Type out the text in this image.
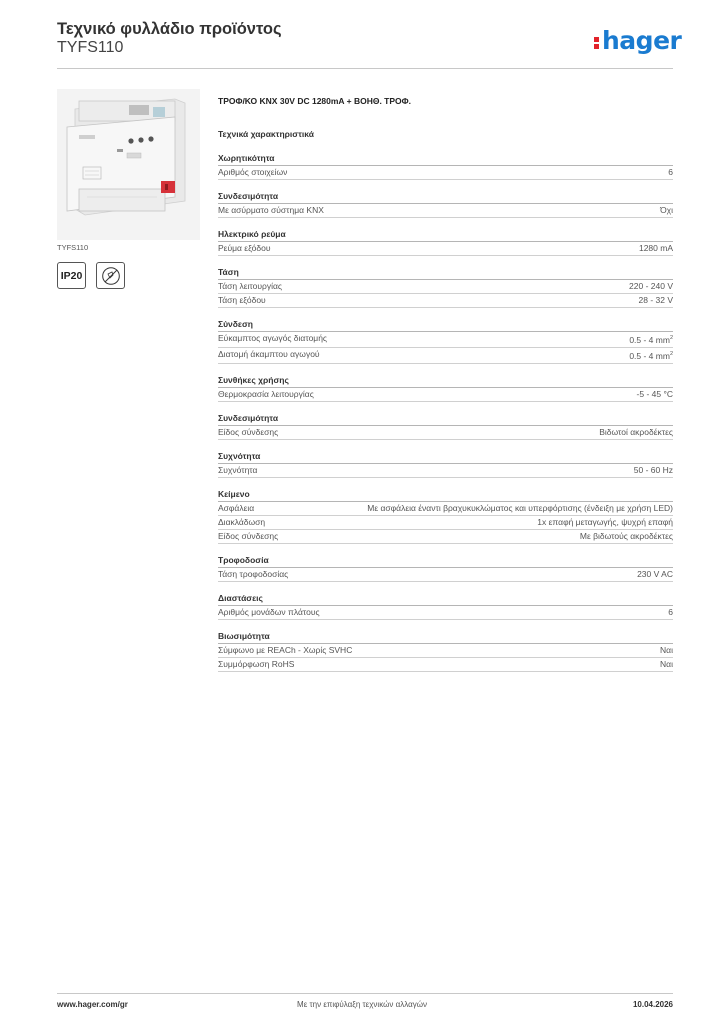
Τεχνικό φυλλάδιο προϊόντος
TYFS110	hager
TYFS110
IP20
ΤΡΟΦ/ΚΟ KNX 30V DC 1280mA + ΒΟΗΘ. ΤΡΟΦ.
Τεχνικά χαρακτηριστικά
Χωρητικότητα
Αριθμός στοιχείων	6
Συνδεσιμότητα
Με ασύρματο σύστημα KNX	Όχι
Ηλεκτρικό ρεύμα
Ρεύμα εξόδου	1280 mA
Τάση
Τάση λειτουργίας	220 - 240 V
Τάση εξόδου	28 - 32 V
Σύνδεση
Εύκαμπτος αγωγός διατομής	0.5 - 4 $mm^2$
Διατομή άκαμπτου αγωγού	0.5 - 4 $mm^2$
Συνθήκες χρήσης
Θερμοκρασία λειτουργίας	-5 - 45 °C
Συνδεσιμότητα
Είδος σύνδεσης	Βιδωτοί ακροδέκτες
Συχνότητα
Συχνότητα	50 - 60 Hz
Κείμενο
Ασφάλεια	Με ασφάλεια έναντι βραχυκυκλώματος και υπερφόρτισης (ένδειξη με χρήση LED)
Διακλάδωση	1x επαφή μεταγωγής, ψυχρή επαφή
Είδος σύνδεσης	Με βιδωτούς ακροδέκτες
Τροφοδοσία
Τάση τροφοδοσίας	230 V AC
Διαστάσεις
Αριθμός μονάδων πλάτους	6
Βιωσιμότητα
Σύμφωνο με REACh - Χωρίς SVHC	Ναι
Συμμόρφωση RoHS	Ναι
www.hager.com/gr	Με την επιφύλαξη τεχνικών αλλαγών	10.04.2026
